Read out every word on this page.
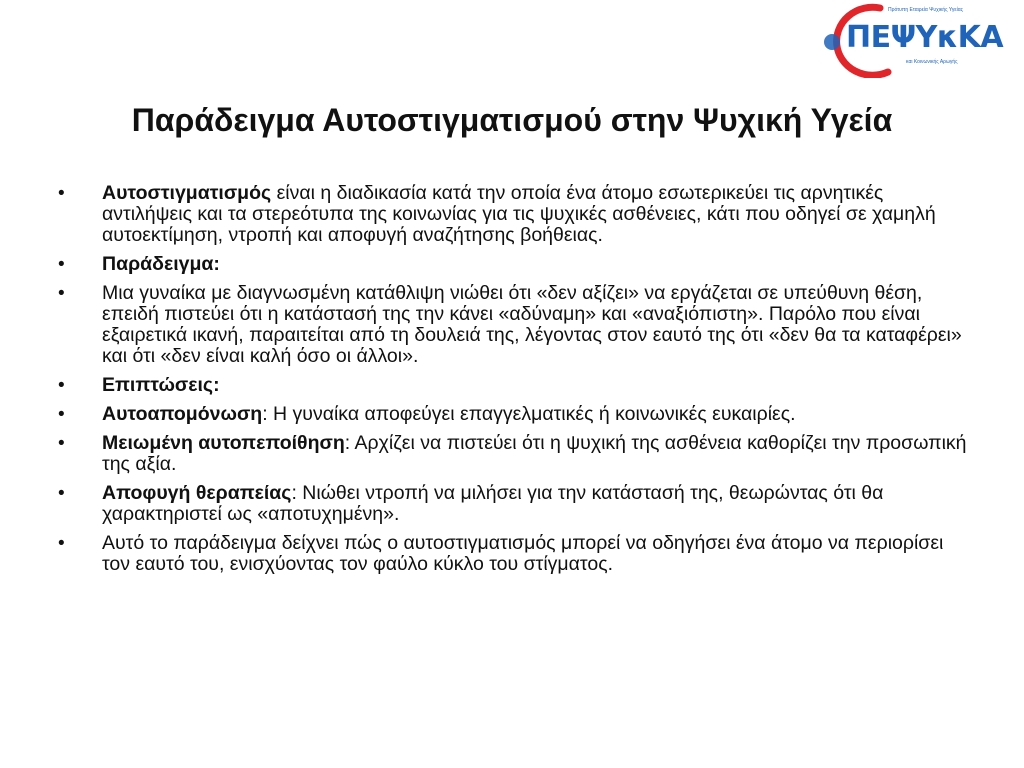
Πρότυπη Εταιρεία Ψυχικής Υγείας
ΠΕΨΥκΚΑ
και Κοινωνικής Αρωγής
Παράδειγμα Αυτοστιγματισμού στην Ψυχική Υγεία
• Αυτοστιγματισμός είναι η διαδικασία κατά την οποία ένα άτομο εσωτερικεύει τις αρνητικές αντιλήψεις και τα στερεότυπα της κοινωνίας για τις ψυχικές ασθένειες, κάτι που οδηγεί σε χαμηλή αυτοεκτίμηση, ντροπή και αποφυγή αναζήτησης βοήθειας.
• Παράδειγμα:
• Μια γυναίκα με διαγνωσμένη κατάθλιψη νιώθει ότι «δεν αξίζει» να εργάζεται σε υπεύθυνη θέση, επειδή πιστεύει ότι η κατάστασή της την κάνει «αδύναμη» και «αναξιόπιστη». Παρόλο που είναι εξαιρετικά ικανή, παραιτείται από τη δουλειά της, λέγοντας στον εαυτό της ότι «δεν θα τα καταφέρει» και ότι «δεν είναι καλή όσο οι άλλοι».
• Επιπτώσεις:
• Αυτοαπομόνωση: Η γυναίκα αποφεύγει επαγγελματικές ή κοινωνικές ευκαιρίες.
• Μειωμένη αυτοπεποίθηση: Αρχίζει να πιστεύει ότι η ψυχική της ασθένεια καθορίζει την προσωπική της αξία.
• Αποφυγή θεραπείας: Νιώθει ντροπή να μιλήσει για την κατάστασή της, θεωρώντας ότι θα χαρακτηριστεί ως «αποτυχημένη».
• Αυτό το παράδειγμα δείχνει πώς ο αυτοστιγματισμός μπορεί να οδηγήσει ένα άτομο να περιορίσει τον εαυτό του, ενισχύοντας τον φαύλο κύκλο του στίγματος.
